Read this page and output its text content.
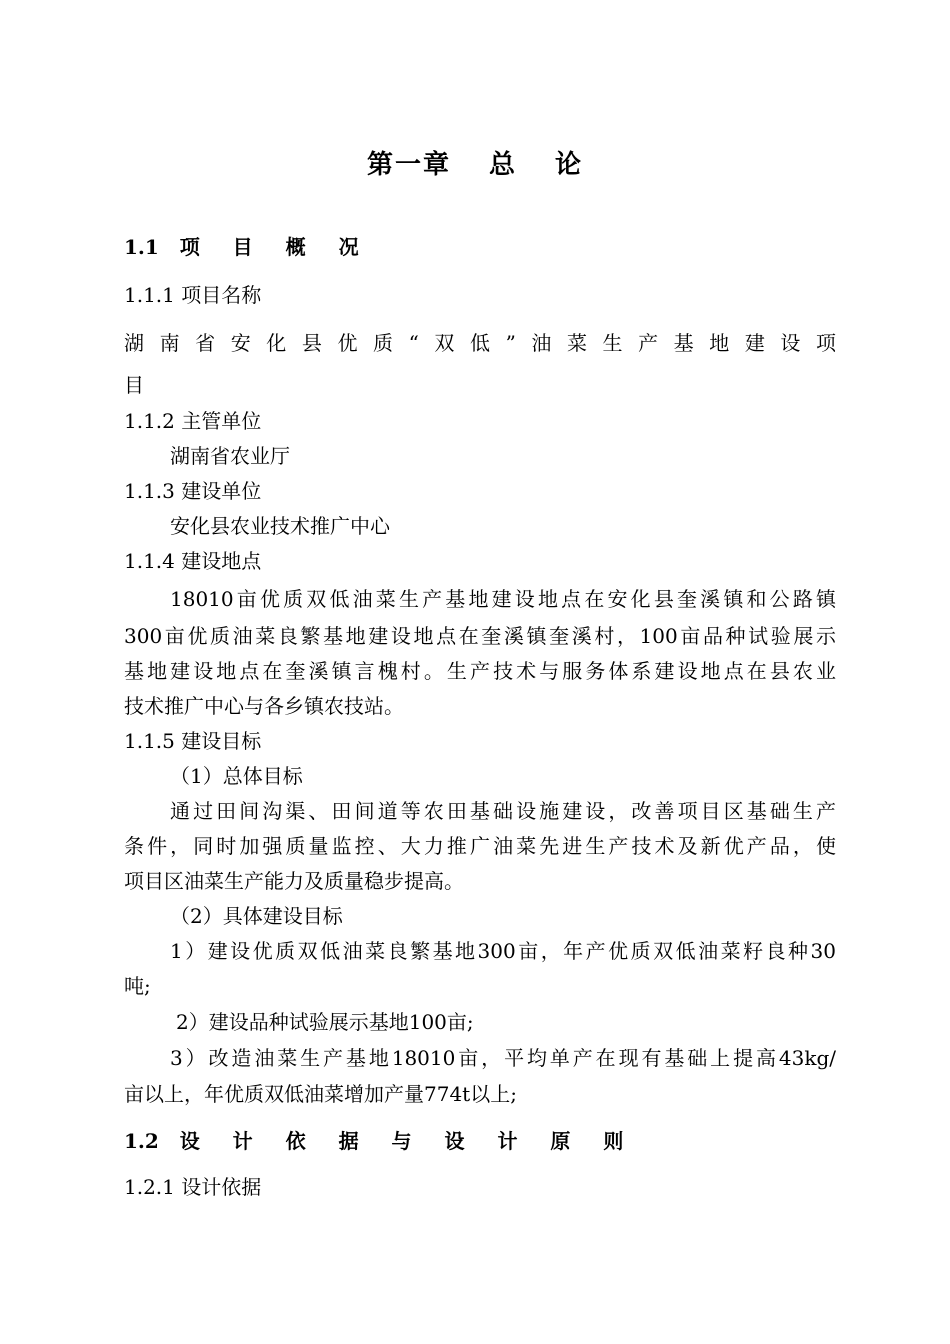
第一章 总 论

1.1 项 目 概 况

1.1.1 项目名称

湖南省安化县优质“双低”油菜生产基地建设项

目

1.1.2 主管单位

湖南省农业厅

1.1.3 建设单位

安化县农业技术推广中心

1.1.4 建设地点

18010亩优质双低油菜生产基地建设地点在安化县奎溪镇和公路镇

300亩优质油菜良繁基地建设地点在奎溪镇奎溪村，100亩品种试验展示

基地建设地点在奎溪镇言槐村。生产技术与服务体系建设地点在县农业

技术推广中心与各乡镇农技站。

1.1.5 建设目标

（1）总体目标

通过田间沟渠、田间道等农田基础设施建设，改善项目区基础生产

条件，同时加强质量监控、大力推广油菜先进生产技术及新优产品，使

项目区油菜生产能力及质量稳步提高。

（2）具体建设目标

1）建设优质双低油菜良繁基地300亩，年产优质双低油菜籽良种30

吨;

2）建设品种试验展示基地100亩;

3）改造油菜生产基地18010亩，平均单产在现有基础上提高43kg/

亩以上，年优质双低油菜增加产量774t以上;

1.2 设 计 依 据 与 设 计 原 则

1.2.1 设计依据
